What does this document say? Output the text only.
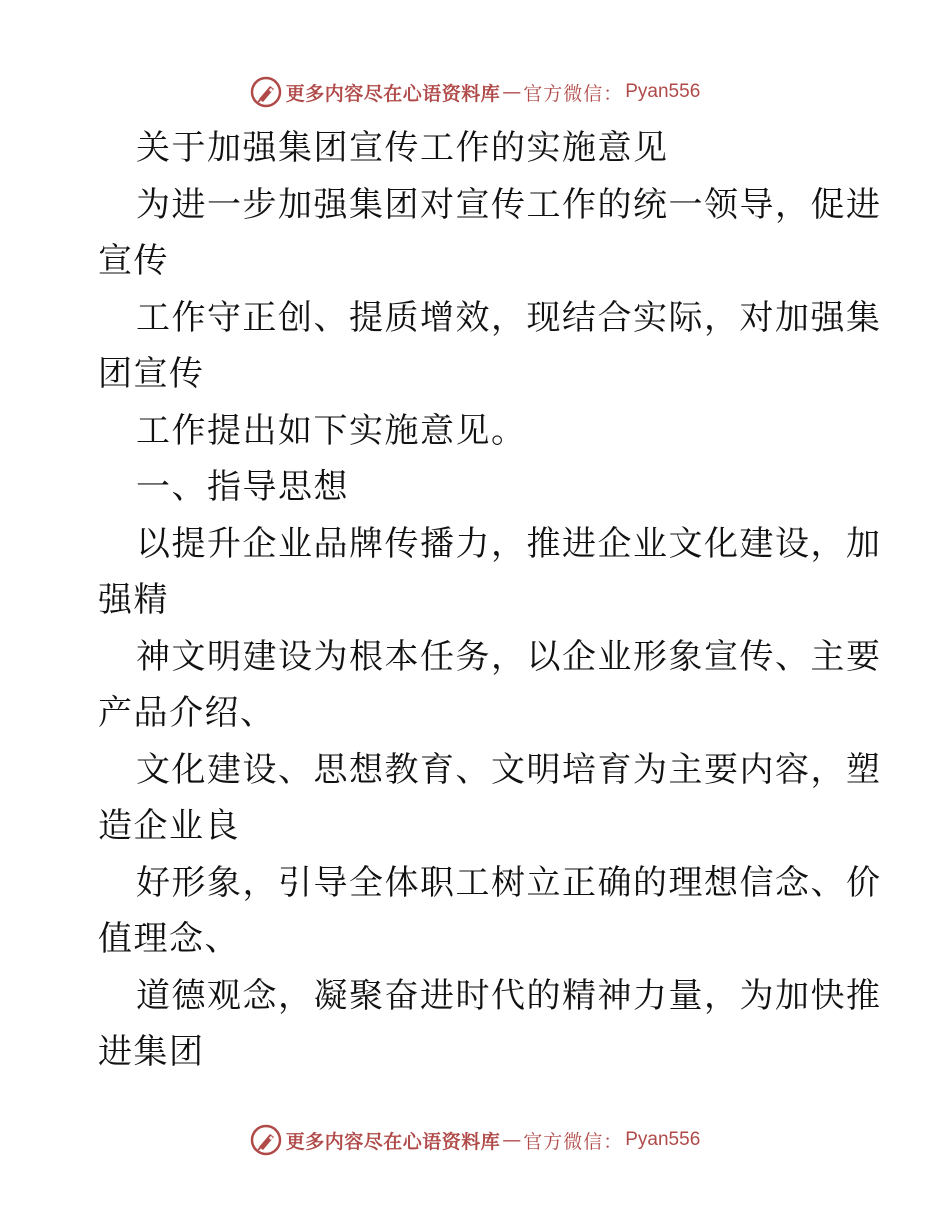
更多内容尽在心语资料库 — 官方微信： Pyan556
关于加强集团宣传工作的实施意见
为进一步加强集团对宣传工作的统一领导，促进
宣传
工作守正创、提质增效，现结合实际，对加强集
团宣传
工作提出如下实施意见。
一、指导思想
以提升企业品牌传播力，推进企业文化建设，加
强精
神文明建设为根本任务，以企业形象宣传、主要
产品介绍、
文化建设、思想教育、文明培育为主要内容，塑
造企业良
好形象，引导全体职工树立正确的理想信念、价
值理念、
道德观念，凝聚奋进时代的精神力量，为加快推
进集团
更多内容尽在心语资料库 — 官方微信： Pyan556
